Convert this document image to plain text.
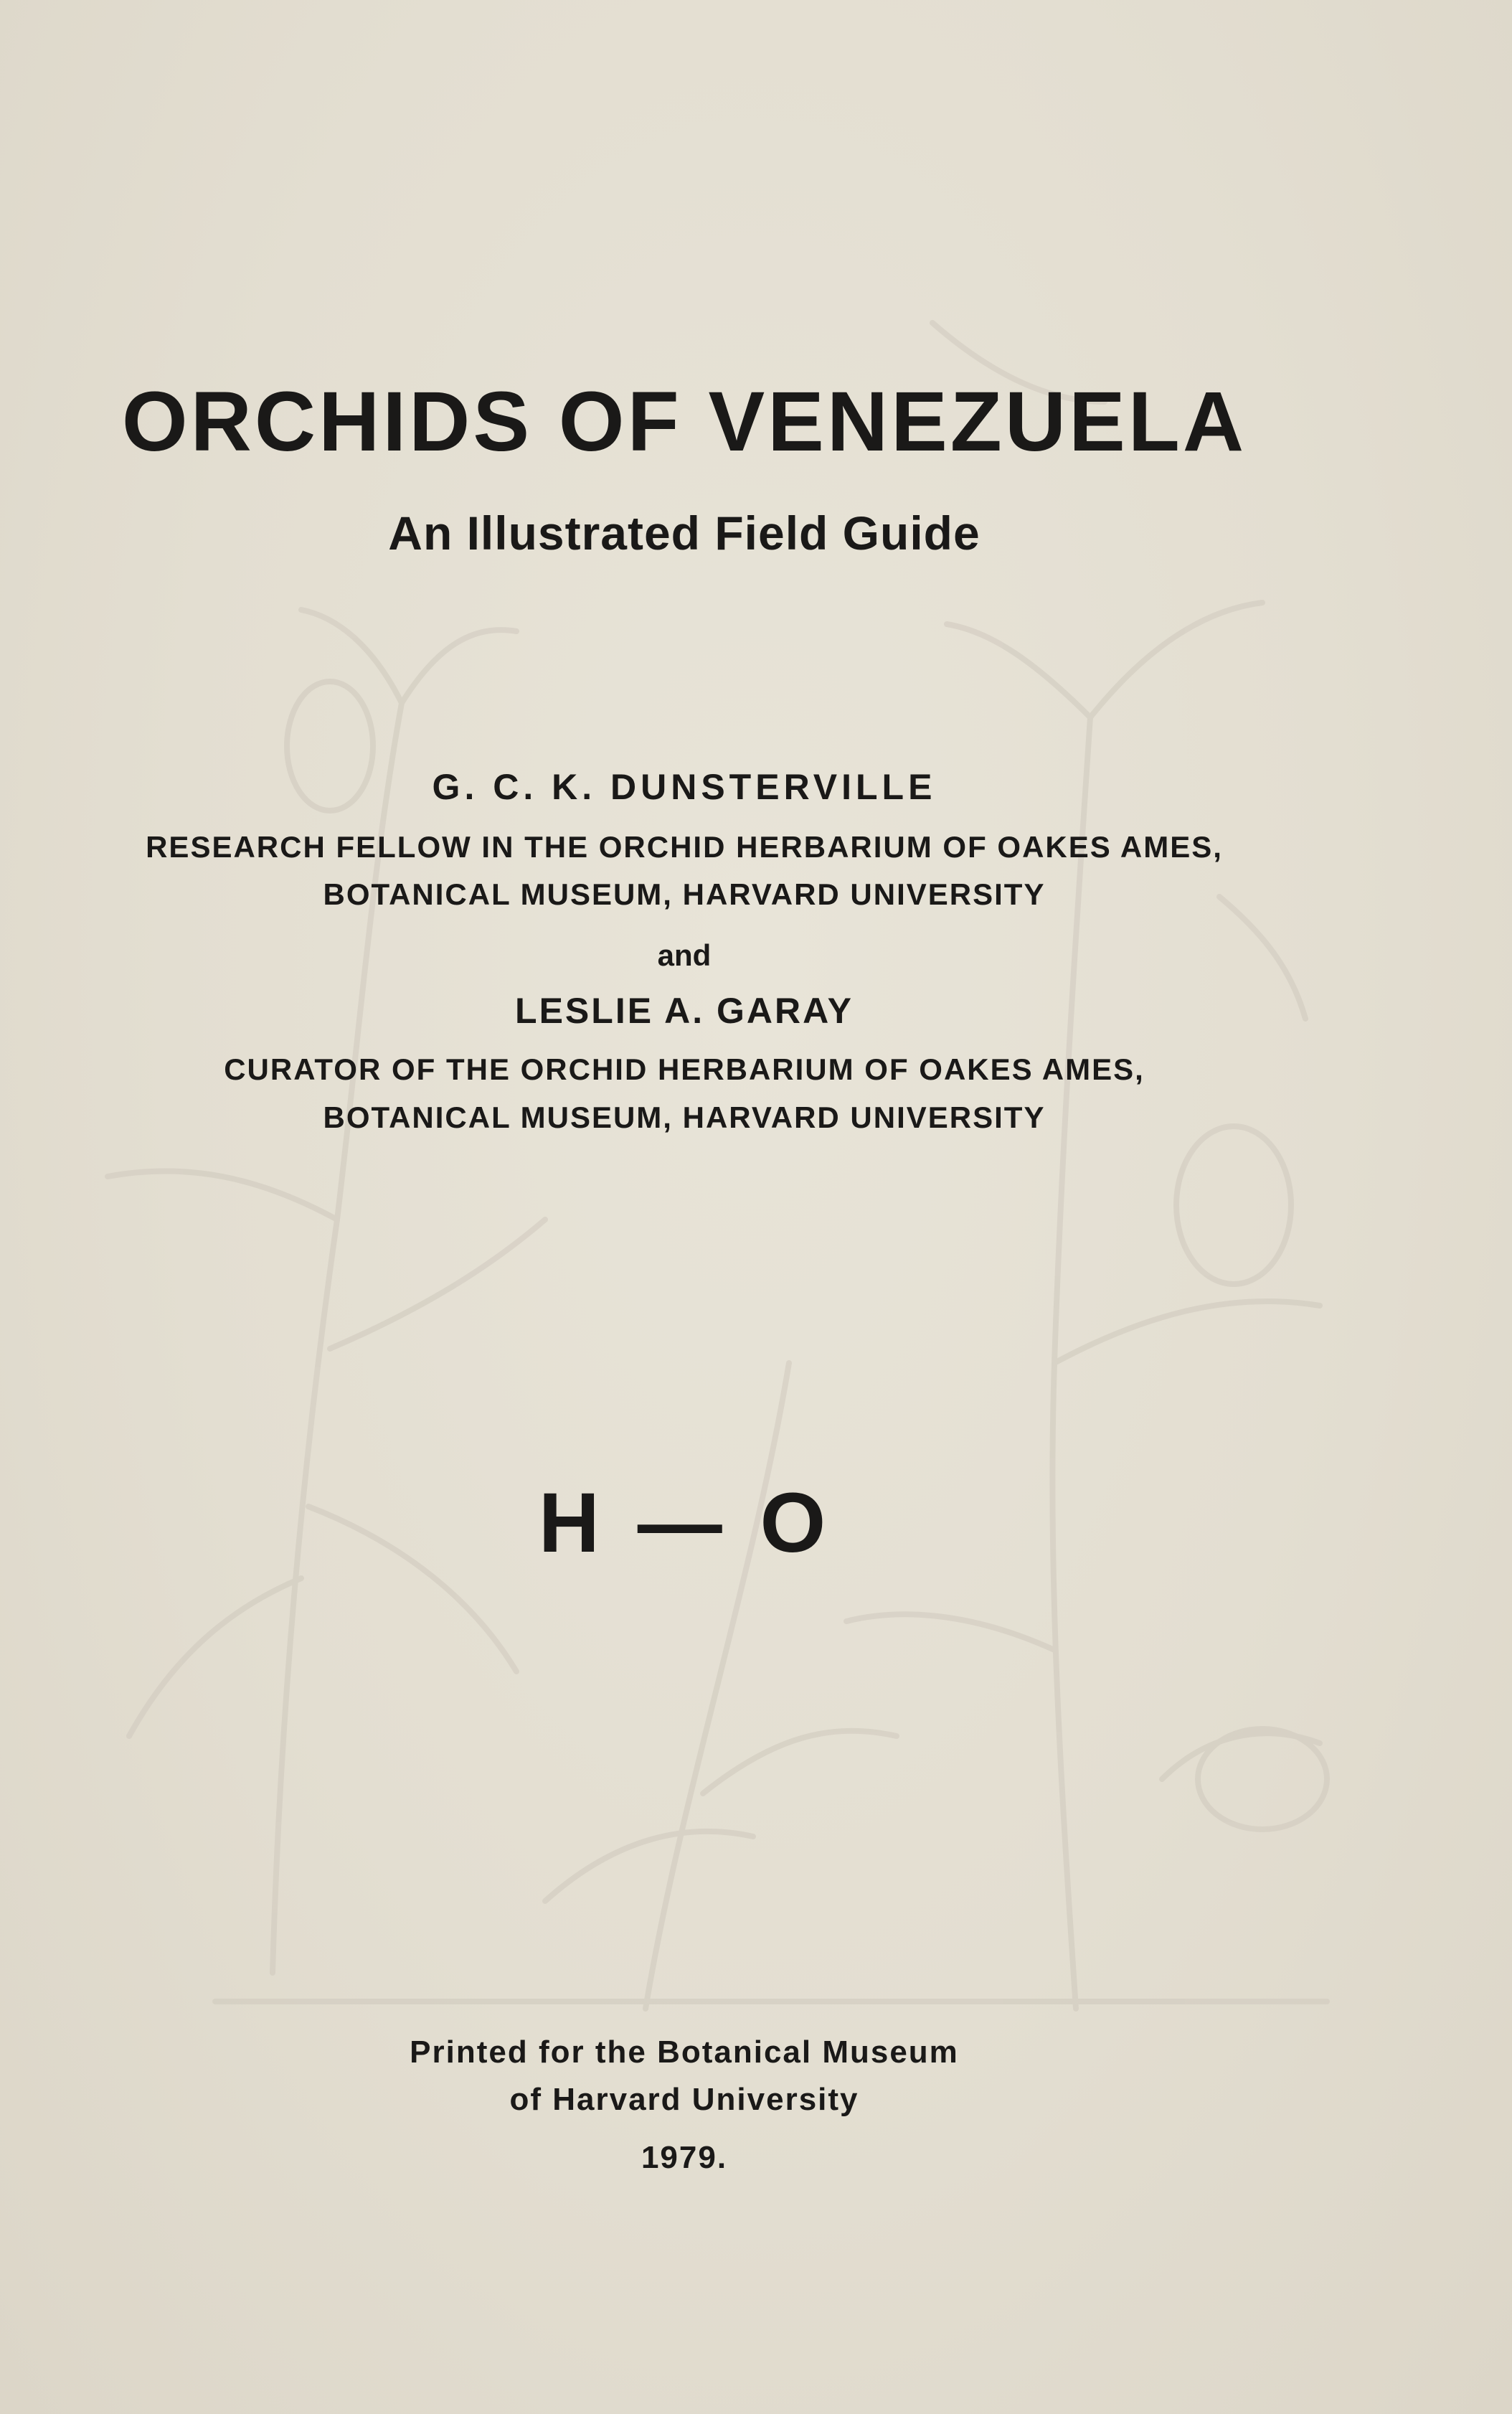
ORCHIDS OF VENEZUELA
An Illustrated Field Guide
G. C. K. DUNSTERVILLE
RESEARCH FELLOW IN THE ORCHID HERBARIUM OF OAKES AMES,
BOTANICAL MUSEUM, HARVARD UNIVERSITY
and
LESLIE A. GARAY
CURATOR OF THE ORCHID HERBARIUM OF OAKES AMES,
BOTANICAL MUSEUM, HARVARD UNIVERSITY
H — O
Printed for the Botanical Museum
of Harvard University
1979.
